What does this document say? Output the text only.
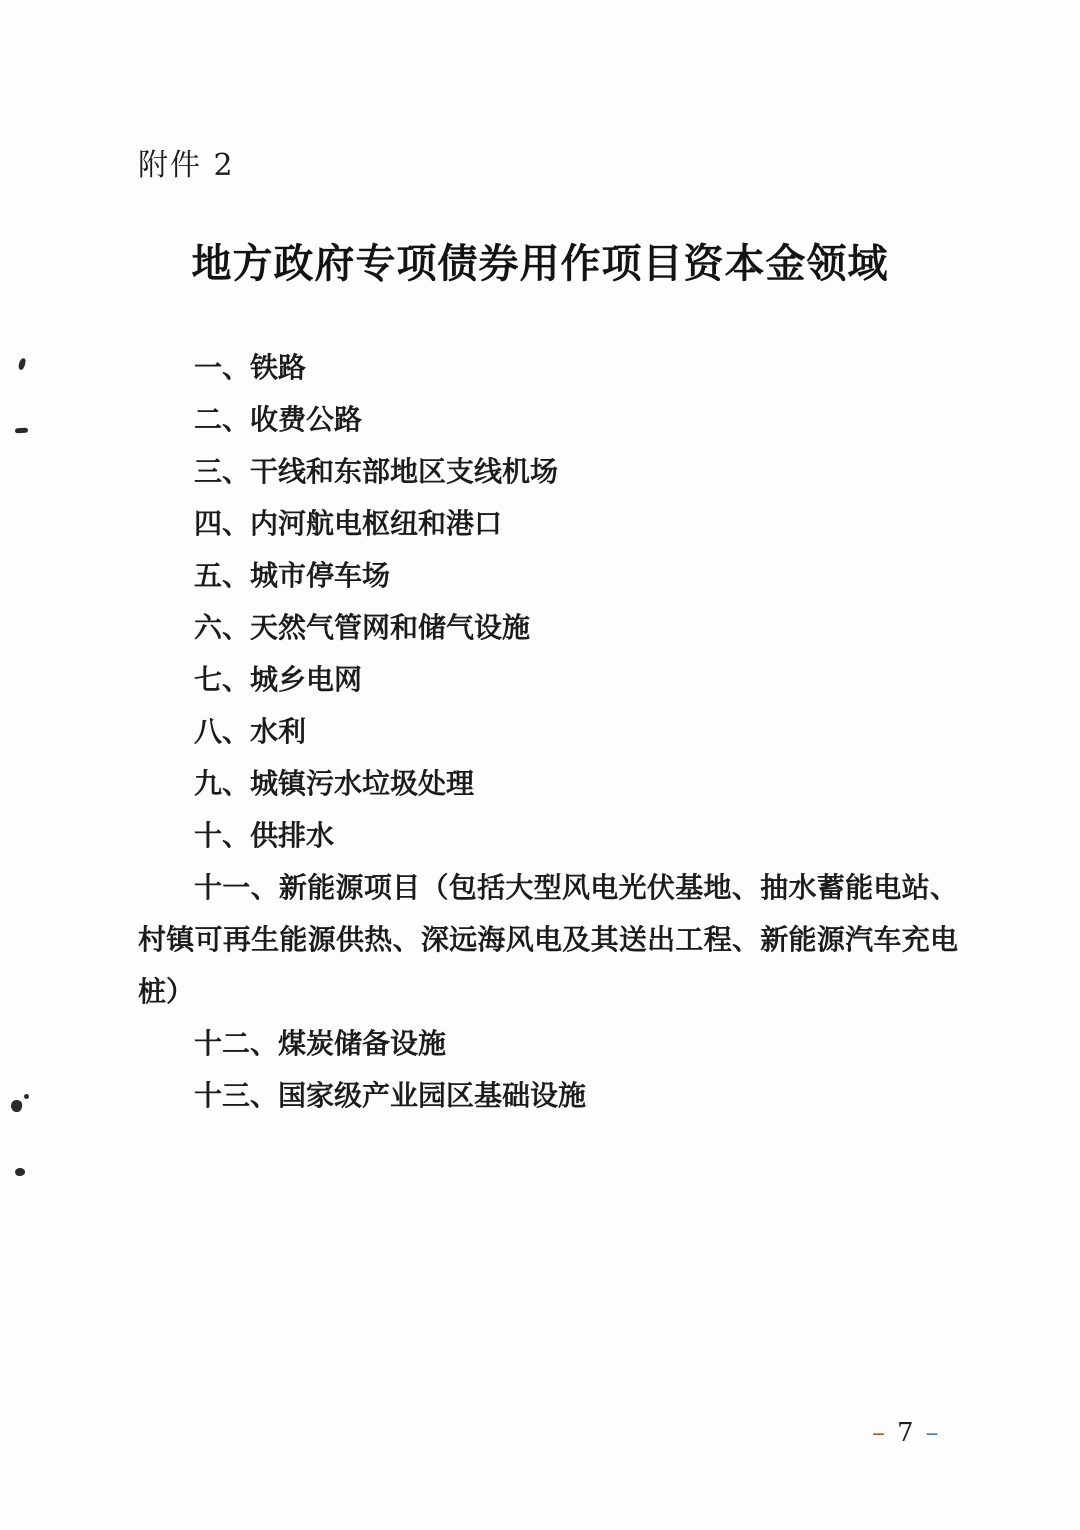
附件 2
地方政府专项债券用作项目资本金领域

一、铁路

二、收费公路

三、干线和东部地区支线机场

四、内河航电枢纽和港口

五、城市停车场

六、天然气管网和储气设施

七、城乡电网

八、水利

九、城镇污水垃圾处理

十、供排水

十一、新能源项目（包括大型风电光伏基地、抽水蓄能电站、村镇可再生能源供热、深远海风电及其送出工程、新能源汽车充电桩）

十二、煤炭储备设施

十三、国家级产业园区基础设施

– 7 –
